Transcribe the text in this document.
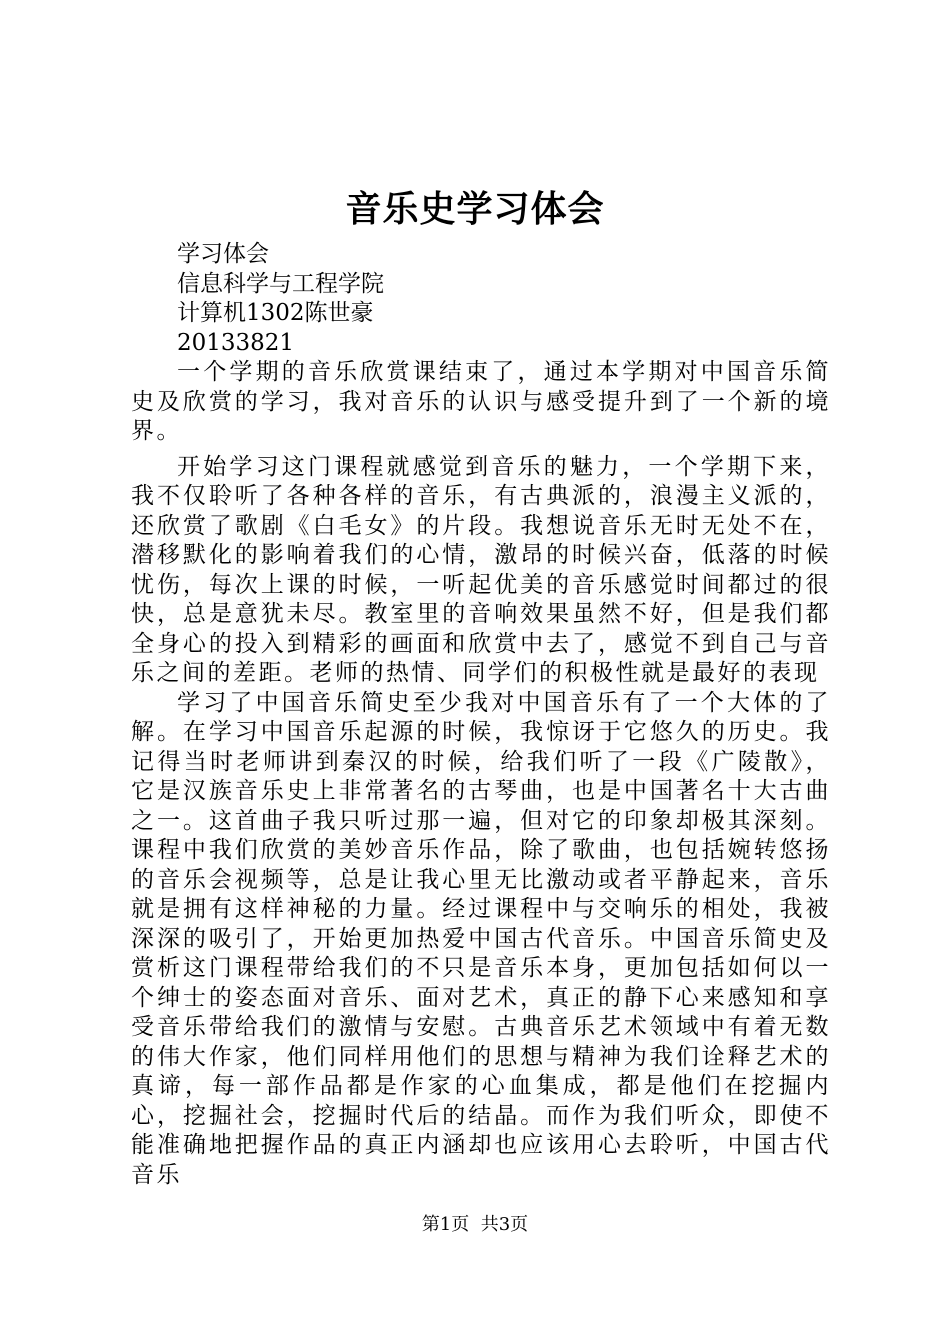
音乐史学习体会

学习体会

信息科学与工程学院

计算机1302陈世豪

20133821

一个学期的音乐欣赏课结束了，通过本学期对中国音乐简史及欣赏的学习，我对音乐的认识与感受提升到了一个新的境界。

开始学习这门课程就感觉到音乐的魅力，一个学期下来，我不仅聆听了各种各样的音乐，有古典派的，浪漫主义派的，还欣赏了歌剧《白毛女》的片段。我想说音乐无时无处不在，潜移默化的影响着我们的心情，激昂的时候兴奋，低落的时候忧伤，每次上课的时候，一听起优美的音乐感觉时间都过的很快，总是意犹未尽。教室里的音响效果虽然不好，但是我们都全身心的投入到精彩的画面和欣赏中去了，感觉不到自己与音乐之间的差距。老师的热情、同学们的积极性就是最好的表现

学习了中国音乐简史至少我对中国音乐有了一个大体的了解。在学习中国音乐起源的时候，我惊讶于它悠久的历史。我记得当时老师讲到秦汉的时候，给我们听了一段《广陵散》，它是汉族音乐史上非常著名的古琴曲，也是中国著名十大古曲之一。这首曲子我只听过那一遍，但对它的印象却极其深刻。课程中我们欣赏的美妙音乐作品，除了歌曲，也包括婉转悠扬的音乐会视频等，总是让我心里无比激动或者平静起来，音乐就是拥有这样神秘的力量。经过课程中与交响乐的相处，我被深深的吸引了，开始更加热爱中国古代音乐。中国音乐简史及赏析这门课程带给我们的不只是音乐本身，更加包括如何以一个绅士的姿态面对音乐、面对艺术，真正的静下心来感知和享受音乐带给我们的激情与安慰。古典音乐艺术领域中有着无数的伟大作家，他们同样用他们的思想与精神为我们诠释艺术的真谛，每一部作品都是作家的心血集成，都是他们在挖掘内心，挖掘社会，挖掘时代后的结晶。而作为我们听众，即使不能准确地把握作品的真正内涵却也应该用心去聆听，中国古代音乐

第1页  共3页
